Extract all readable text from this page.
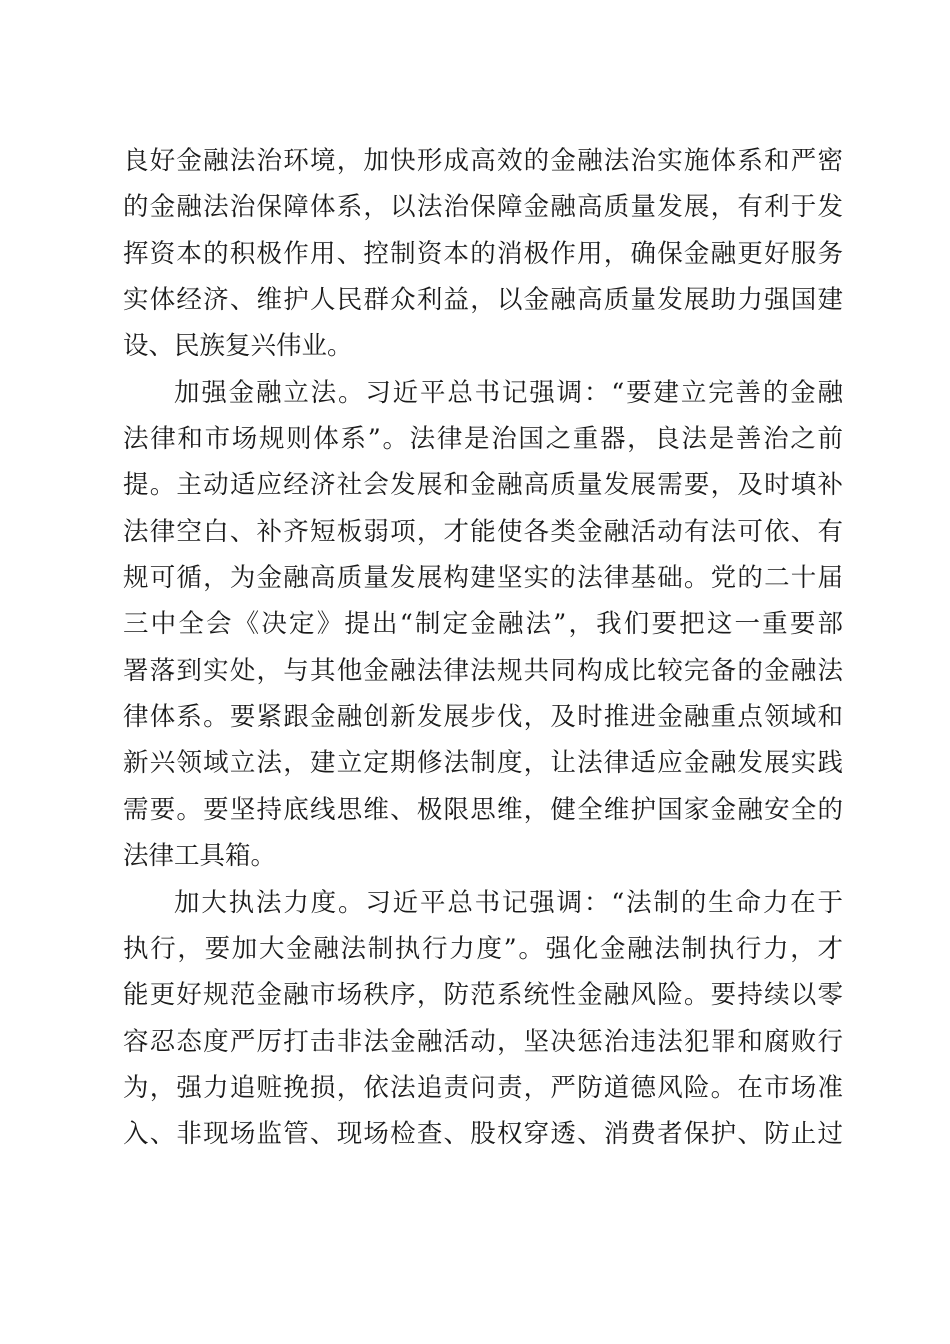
良好金融法治环境，加快形成高效的金融法治实施体系和严密
的金融法治保障体系，以法治保障金融高质量发展，有利于发
挥资本的积极作用、控制资本的消极作用，确保金融更好服务
实体经济、维护人民群众利益，以金融高质量发展助力强国建
设、民族复兴伟业。
加强金融立法。习近平总书记强调：“要建立完善的金融
法律和市场规则体系”。法律是治国之重器，良法是善治之前
提。主动适应经济社会发展和金融高质量发展需要，及时填补
法律空白、补齐短板弱项，才能使各类金融活动有法可依、有
规可循，为金融高质量发展构建坚实的法律基础。党的二十届
三中全会《决定》提出“制定金融法”，我们要把这一重要部
署落到实处，与其他金融法律法规共同构成比较完备的金融法
律体系。要紧跟金融创新发展步伐，及时推进金融重点领域和
新兴领域立法，建立定期修法制度，让法律适应金融发展实践
需要。要坚持底线思维、极限思维，健全维护国家金融安全的
法律工具箱。
加大执法力度。习近平总书记强调：“法制的生命力在于
执行，要加大金融法制执行力度”。强化金融法制执行力，才
能更好规范金融市场秩序，防范系统性金融风险。要持续以零
容忍态度严厉打击非法金融活动，坚决惩治违法犯罪和腐败行
为，强力追赃挽损，依法追责问责，严防道德风险。在市场准
入、非现场监管、现场检查、股权穿透、消费者保护、防止过
